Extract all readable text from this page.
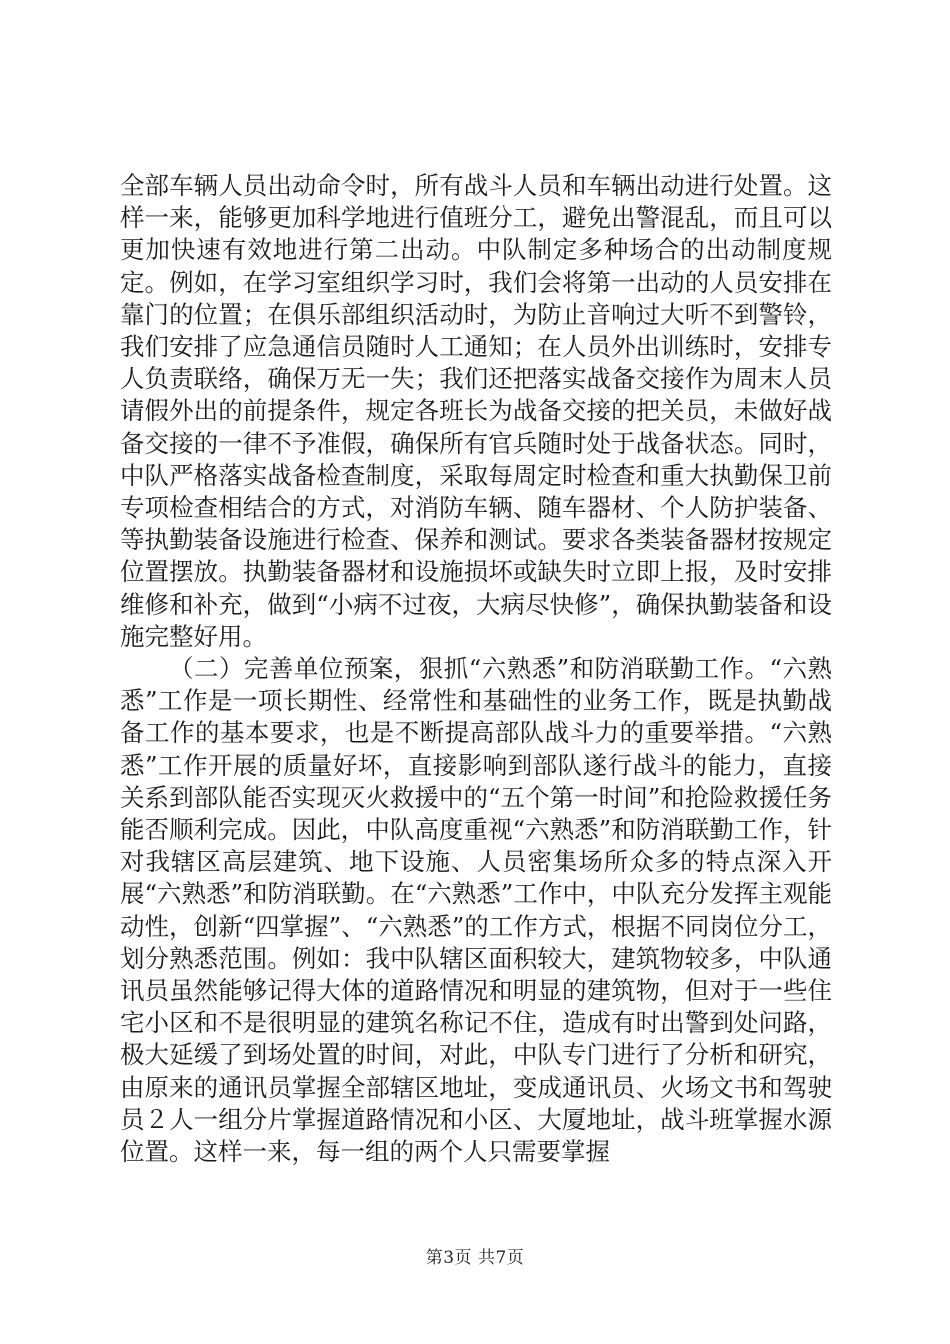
全部车辆人员出动命令时，所有战斗人员和车辆出动进行处置。这样一来，能够更加科学地进行值班分工，避免出警混乱，而且可以更加快速有效地进行第二出动。中队制定多种场合的出动制度规定。例如，在学习室组织学习时，我们会将第一出动的人员安排在靠门的位置；在俱乐部组织活动时，为防止音响过大听不到警铃，我们安排了应急通信员随时人工通知；在人员外出训练时，安排专人负责联络，确保万无一失；我们还把落实战备交接作为周末人员请假外出的前提条件，规定各班长为战备交接的把关员，未做好战备交接的一律不予准假，确保所有官兵随时处于战备状态。同时，中队严格落实战备检查制度，采取每周定时检查和重大执勤保卫前专项检查相结合的方式，对消防车辆、随车器材、个人防护装备、等执勤装备设施进行检查、保养和测试。要求各类装备器材按规定位置摆放。执勤装备器材和设施损坏或缺失时立即上报，及时安排维修和补充，做到“小病不过夜，大病尽快修”，确保执勤装备和设施完整好用。

（二）完善单位预案，狠抓“六熟悉”和防消联勤工作。“六熟悉”工作是一项长期性、经常性和基础性的业务工作，既是执勤战备工作的基本要求，也是不断提高部队战斗力的重要举措。“六熟悉”工作开展的质量好坏，直接影响到部队遂行战斗的能力，直接关系到部队能否实现灭火救援中的“五个第一时间”和抢险救援任务能否顺利完成。因此，中队高度重视“六熟悉”和防消联勤工作，针对我辖区高层建筑、地下设施、人员密集场所众多的特点深入开展“六熟悉”和防消联勤。在“六熟悉”工作中，中队充分发挥主观能动性，创新“四掌握”、“六熟悉”的工作方式，根据不同岗位分工，划分熟悉范围。例如：我中队辖区面积较大，建筑物较多，中队通讯员虽然能够记得大体的道路情况和明显的建筑物，但对于一些住宅小区和不是很明显的建筑名称记不住，造成有时出警到处问路，极大延缓了到场处置的时间，对此，中队专门进行了分析和研究，由原来的通讯员掌握全部辖区地址，变成通讯员、火场文书和驾驶员２人一组分片掌握道路情况和小区、大厦地址，战斗班掌握水源位置。这样一来，每一组的两个人只需要掌握

第3页 共7页
